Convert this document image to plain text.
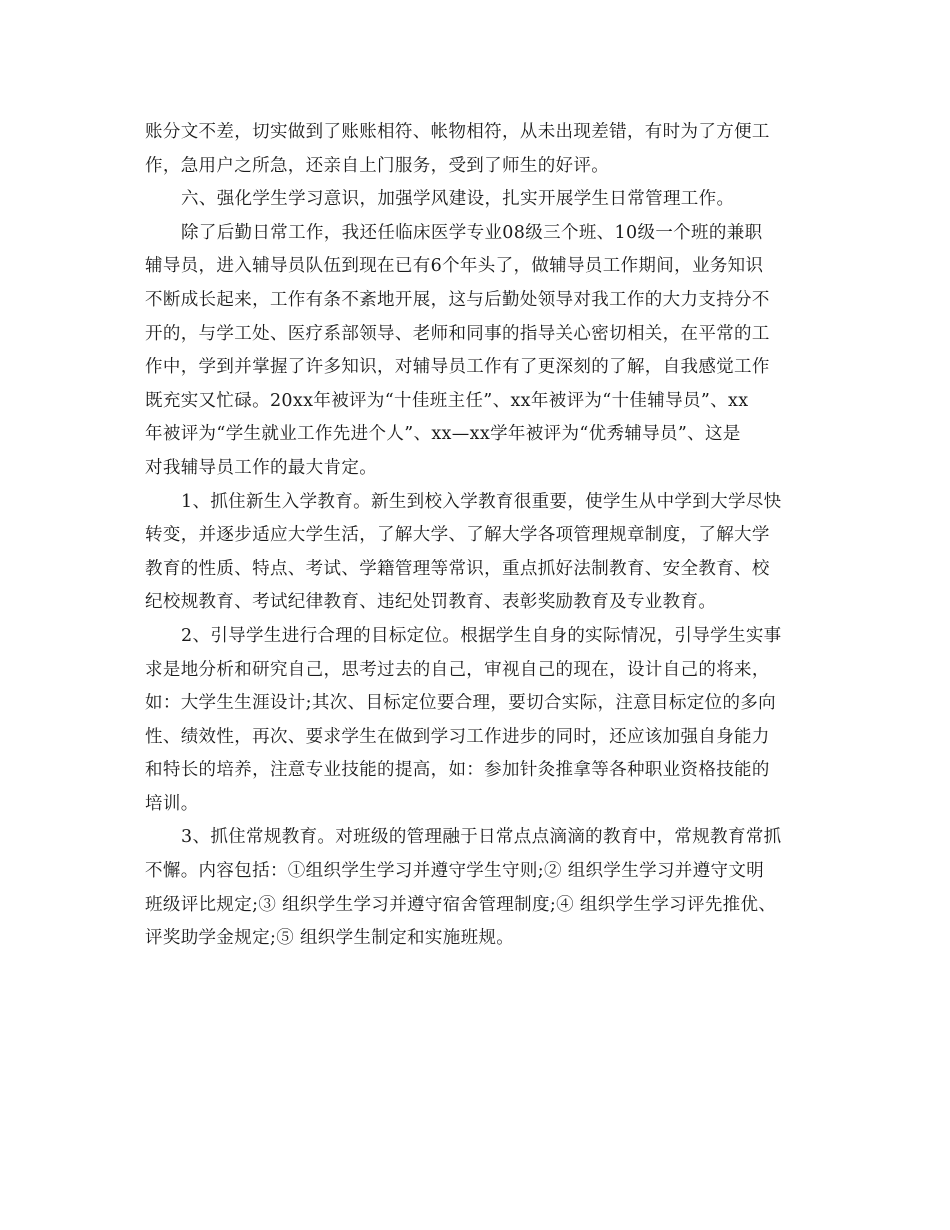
账分文不差，切实做到了账账相符、帐物相符，从未出现差错，有时为了方便工
作，急用户之所急，还亲自上门服务，受到了师生的好评。
六、强化学生学习意识，加强学风建设，扎实开展学生日常管理工作。
除了后勤日常工作，我还任临床医学专业08级三个班、10级一个班的兼职
辅导员，进入辅导员队伍到现在已有6个年头了，做辅导员工作期间，业务知识
不断成长起来，工作有条不紊地开展，这与后勤处领导对我工作的大力支持分不
开的，与学工处、医疗系部领导、老师和同事的指导关心密切相关，在平常的工
作中，学到并掌握了许多知识，对辅导员工作有了更深刻的了解，自我感觉工作
既充实又忙碌。20xx年被评为“十佳班主任”、xx年被评为“十佳辅导员”、xx
年被评为“学生就业工作先进个人”、xx—xx学年被评为“优秀辅导员”、这是
对我辅导员工作的最大肯定。
1、抓住新生入学教育。新生到校入学教育很重要，使学生从中学到大学尽快
转变，并逐步适应大学生活，了解大学、了解大学各项管理规章制度，了解大学
教育的性质、特点、考试、学籍管理等常识，重点抓好法制教育、安全教育、校
纪校规教育、考试纪律教育、违纪处罚教育、表彰奖励教育及专业教育。
2、引导学生进行合理的目标定位。根据学生自身的实际情况，引导学生实事
求是地分析和研究自己，思考过去的自己，审视自己的现在，设计自己的将来，
如：大学生生涯设计;其次、目标定位要合理，要切合实际，注意目标定位的多向
性、绩效性，再次、要求学生在做到学习工作进步的同时，还应该加强自身能力
和特长的培养，注意专业技能的提高，如：参加针灸推拿等各种职业资格技能的
培训。
3、抓住常规教育。对班级的管理融于日常点点滴滴的教育中，常规教育常抓
不懈。内容包括：①组织学生学习并遵守学生守则;② 组织学生学习并遵守文明
班级评比规定;③ 组织学生学习并遵守宿舍管理制度;④ 组织学生学习评先推优、
评奖助学金规定;⑤ 组织学生制定和实施班规。
